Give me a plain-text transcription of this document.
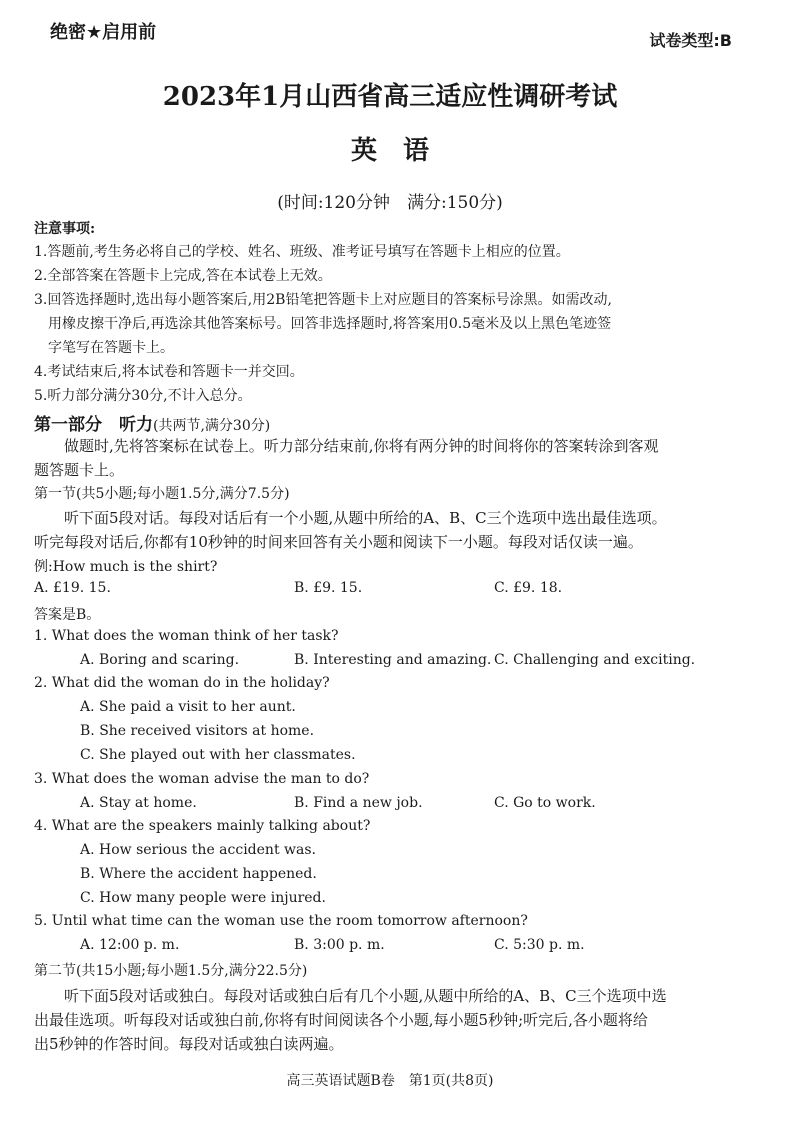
绝密★启用前	试卷类型:B
2023年1月山西省高三适应性调研考试
英　语
(时间:120分钟　满分:150分)
注意事项:
1.答题前,考生务必将自己的学校、姓名、班级、准考证号填写在答题卡上相应的位置。
2.全部答案在答题卡上完成,答在本试卷上无效。
3.回答选择题时,选出每小题答案后,用2B铅笔把答题卡上对应题目的答案标号涂黑。如需改动,
用橡皮擦干净后,再选涂其他答案标号。回答非选择题时,将答案用0.5毫米及以上黑色笔迹签
字笔写在答题卡上。
4.考试结束后,将本试卷和答题卡一并交回。
5.听力部分满分30分,不计入总分。
第一部分　听力(共两节,满分30分)
做题时,先将答案标在试卷上。听力部分结束前,你将有两分钟的时间将你的答案转涂到客观
题答题卡上。
第一节(共5小题;每小题1.5分,满分7.5分)
听下面5段对话。每段对话后有一个小题,从题中所给的A、B、C三个选项中选出最佳选项。
听完每段对话后,你都有10秒钟的时间来回答有关小题和阅读下一小题。每段对话仅读一遍。
例:How much is the shirt?
A. £19. 15.	B. £9. 15.	C. £9. 18.
答案是B。
1. What does the woman think of her task?
A. Boring and scaring.	B. Interesting and amazing. C. Challenging and exciting.
2. What did the woman do in the holiday?
A. She paid a visit to her aunt.
B. She received visitors at home.
C. She played out with her classmates.
3. What does the woman advise the man to do?
A. Stay at home.	B. Find a new job.	C. Go to work.
4. What are the speakers mainly talking about?
A. How serious the accident was.
B. Where the accident happened.
C. How many people were injured.
5. Until what time can the woman use the room tomorrow afternoon?
A. 12:00 p. m.	B. 3:00 p. m.	C. 5:30 p. m.
第二节(共15小题;每小题1.5分,满分22.5分)
听下面5段对话或独白。每段对话或独白后有几个小题,从题中所给的A、B、C三个选项中选
出最佳选项。听每段对话或独白前,你将有时间阅读各个小题,每小题5秒钟;听完后,各小题将给
出5秒钟的作答时间。每段对话或独白读两遍。
高三英语试题B卷　第1页(共8页)
